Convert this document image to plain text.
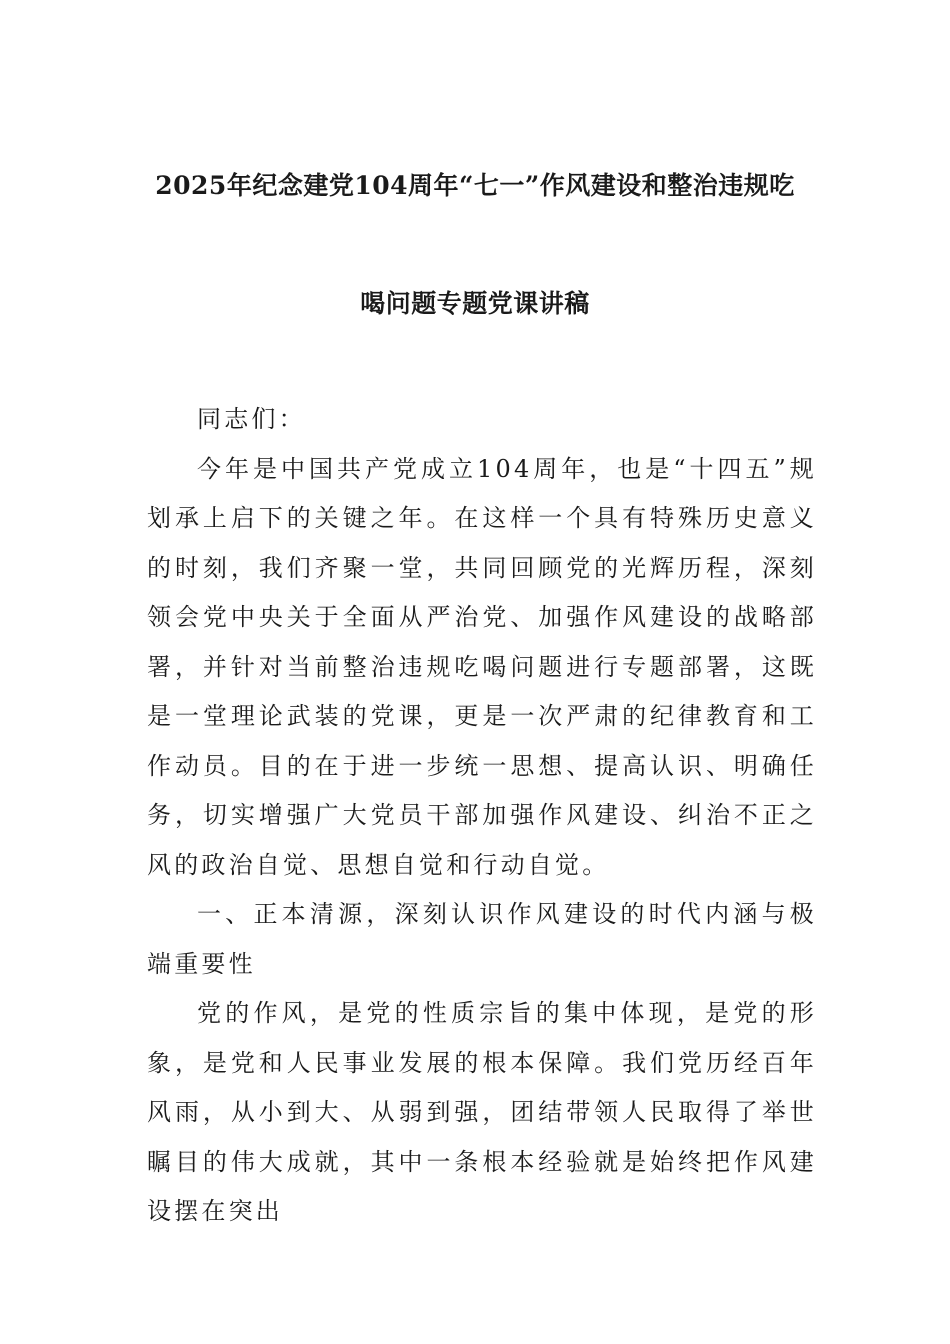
2025年纪念建党104周年“七一”作风建设和整治违规吃
喝问题专题党课讲稿

同志们：

今年是中国共产党成立104周年，也是“十四五”规划承上启下的关键之年。在这样一个具有特殊历史意义的时刻，我们齐聚一堂，共同回顾党的光辉历程，深刻领会党中央关于全面从严治党、加强作风建设的战略部署，并针对当前整治违规吃喝问题进行专题部署，这既是一堂理论武装的党课，更是一次严肃的纪律教育和工作动员。目的在于进一步统一思想、提高认识、明确任务，切实增强广大党员干部加强作风建设、纠治不正之风的政治自觉、思想自觉和行动自觉。

一、正本清源，深刻认识作风建设的时代内涵与极端重要性

党的作风，是党的性质宗旨的集中体现，是党的形象，是党和人民事业发展的根本保障。我们党历经百年风雨，从小到大、从弱到强，团结带领人民取得了举世瞩目的伟大成就，其中一条根本经验就是始终把作风建设摆在突出
